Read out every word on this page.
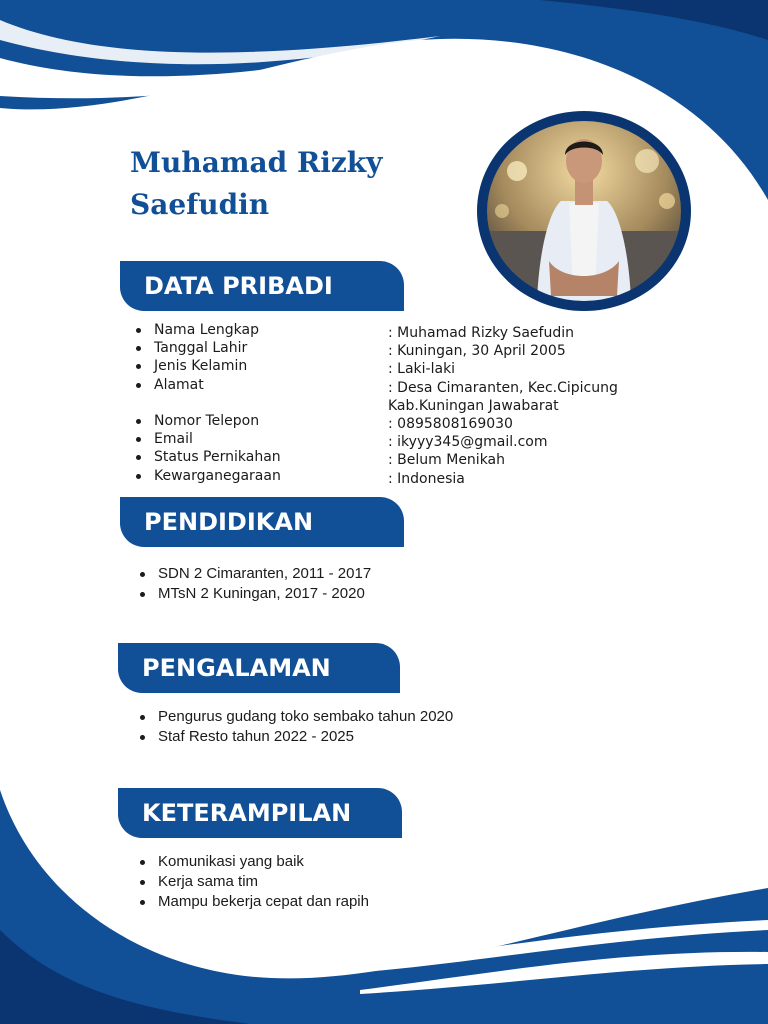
Muhamad Rizky
Saefudin
DATA PRIBADI
Nama Lengkap
Tanggal Lahir
Jenis Kelamin
Alamat
Nomor Telepon
Email
Status Pernikahan
Kewarganegaraan
: Muhamad Rizky Saefudin
: Kuningan, 30 April 2005
: Laki-laki
: Desa Cimaranten, Kec.Cipicung
Kab.Kuningan Jawabarat
: 0895808169030
: ikyyy345@gmail.com
: Belum Menikah
: Indonesia
PENDIDIKAN
SDN 2 Cimaranten, 2011 - 2017
MTsN 2 Kuningan, 2017 - 2020
PENGALAMAN
Pengurus gudang toko sembako tahun 2020
Staf Resto tahun 2022 - 2025
KETERAMPILAN
Komunikasi yang baik
Kerja sama tim
Mampu bekerja cepat dan rapih
